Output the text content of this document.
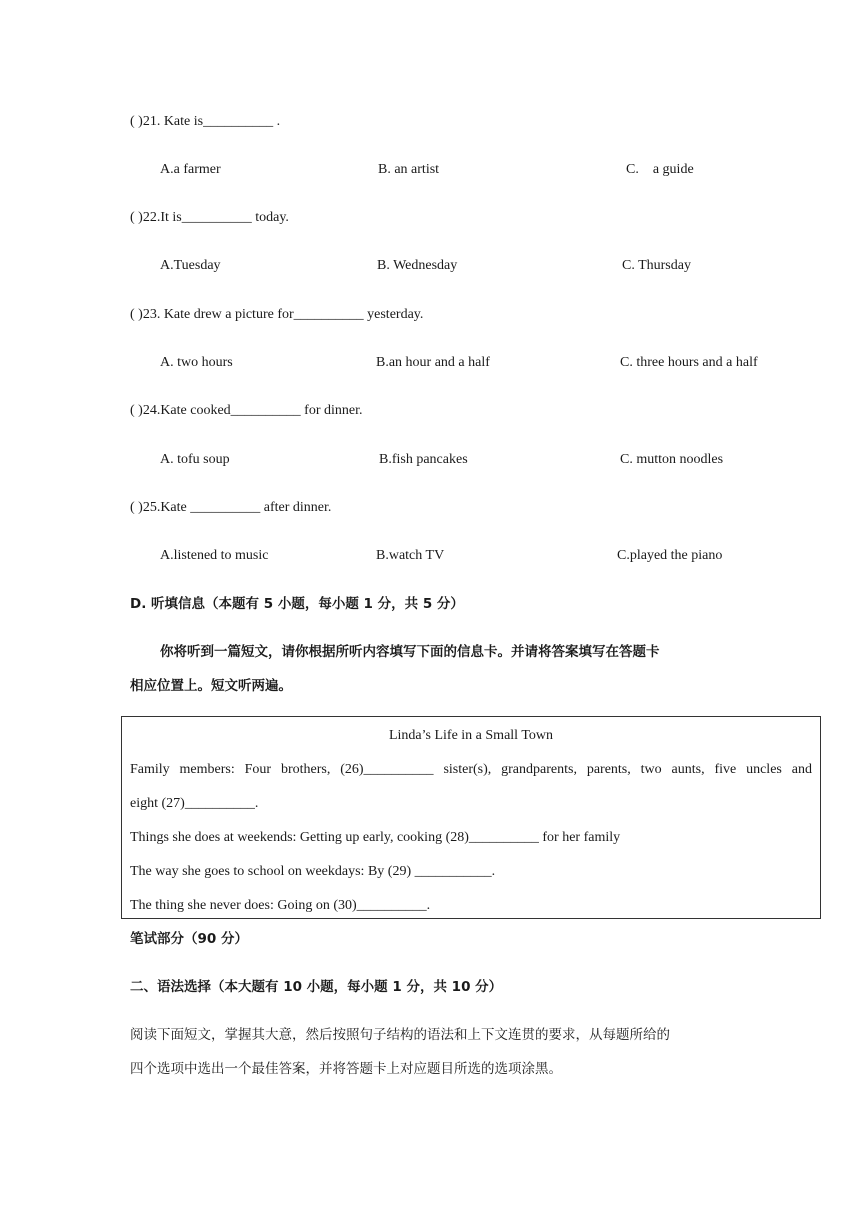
( )21. Kate is__________ .
A.a farmer	B. an artist	C.    a guide
( )22.It is__________ today.
A.Tuesday	B. Wednesday	C. Thursday
( )23. Kate drew a picture for__________ yesterday.
A. two hours	B.an hour and a half	C. three hours and a half
( )24.Kate cooked__________ for dinner.
A. tofu soup	B.fish pancakes	C. mutton noodles
( )25.Kate __________ after dinner.
A.listened to music	B.watch TV	C.played the piano
D. 听填信息（本题有 5 小题，每小题 1 分，共 5 分）
你将听到一篇短文，请你根据所听内容填写下面的信息卡。并请将答案填写在答题卡
相应位置上。短文听两遍。
Linda’s Life in a Small Town
Family members: Four brothers, (26)__________ sister(s), grandparents, parents, two aunts, five uncles and
eight (27)__________.
Things she does at weekends: Getting up early, cooking (28)__________ for her family
The way she goes to school on weekdays: By (29) ___________.
The thing she never does: Going on (30)__________.
笔试部分（90 分）
二、语法选择（本大题有 10 小题，每小题 1 分，共 10 分）
阅读下面短文，掌握其大意，然后按照句子结构的语法和上下文连贯的要求，从每题所给的
四个选项中选出一个最佳答案，并将答题卡上对应题目所选的选项涂黑。
